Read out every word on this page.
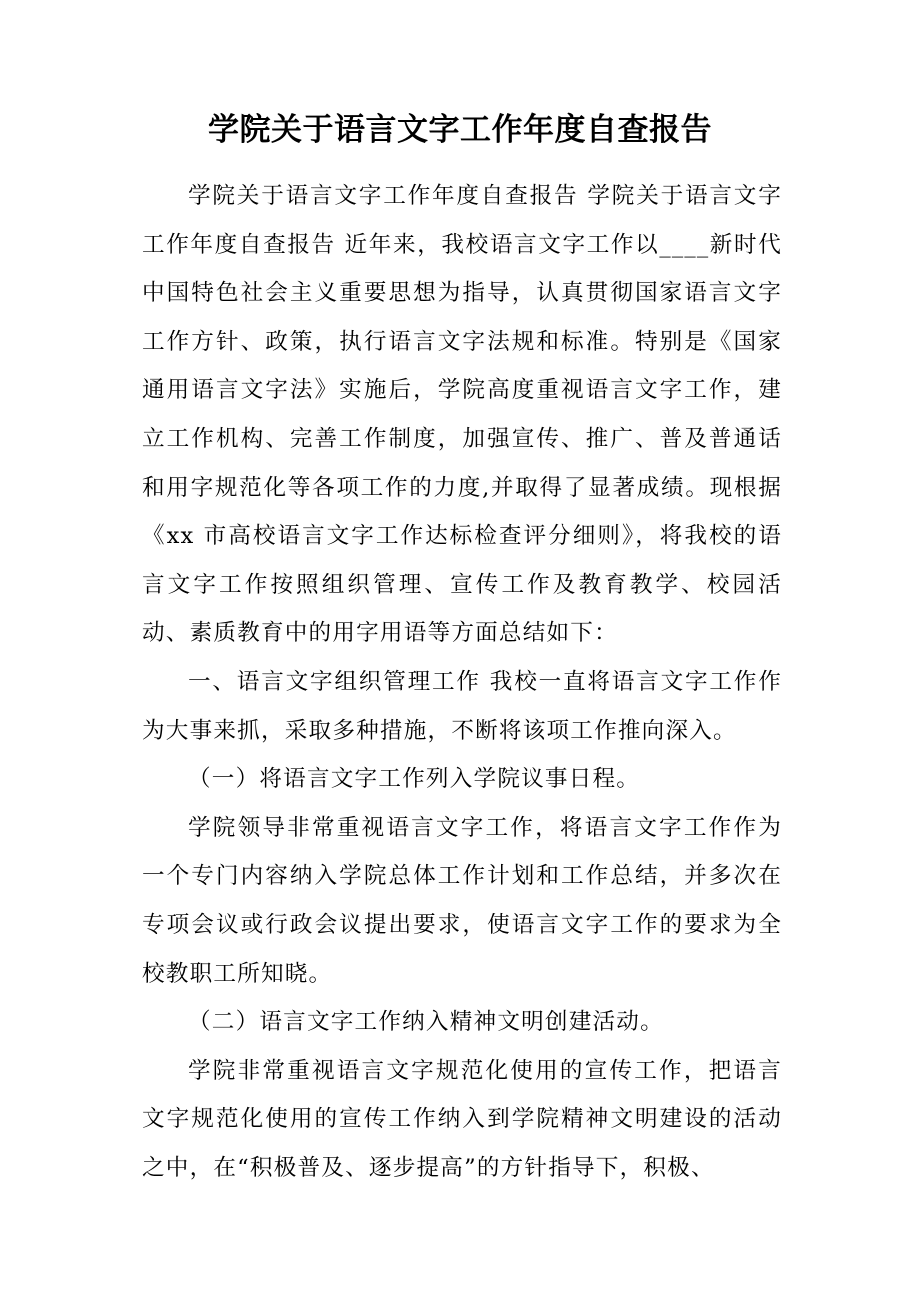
学院关于语言文字工作年度自查报告

学院关于语言文字工作年度自查报告 学院关于语言文字工作年度自查报告 近年来，我校语言文字工作以____新时代中国特色社会主义重要思想为指导，认真贯彻国家语言文字工作方针、政策，执行语言文字法规和标准。特别是《国家通用语言文字法》实施后，学院高度重视语言文字工作，建立工作机构、完善工作制度，加强宣传、推广、普及普通话和用字规范化等各项工作的力度,并取得了显著成绩。现根据《xx 市高校语言文字工作达标检查评分细则》，将我校的语言文字工作按照组织管理、宣传工作及教育教学、校园活动、素质教育中的用字用语等方面总结如下：

一、语言文字组织管理工作 我校一直将语言文字工作作为大事来抓，采取多种措施，不断将该项工作推向深入。

（一）将语言文字工作列入学院议事日程。

学院领导非常重视语言文字工作，将语言文字工作作为一个专门内容纳入学院总体工作计划和工作总结，并多次在专项会议或行政会议提出要求，使语言文字工作的要求为全校教职工所知晓。

（二）语言文字工作纳入精神文明创建活动。

学院非常重视语言文字规范化使用的宣传工作，把语言文字规范化使用的宣传工作纳入到学院精神文明建设的活动之中，在“积极普及、逐步提高”的方针指导下，积极、
